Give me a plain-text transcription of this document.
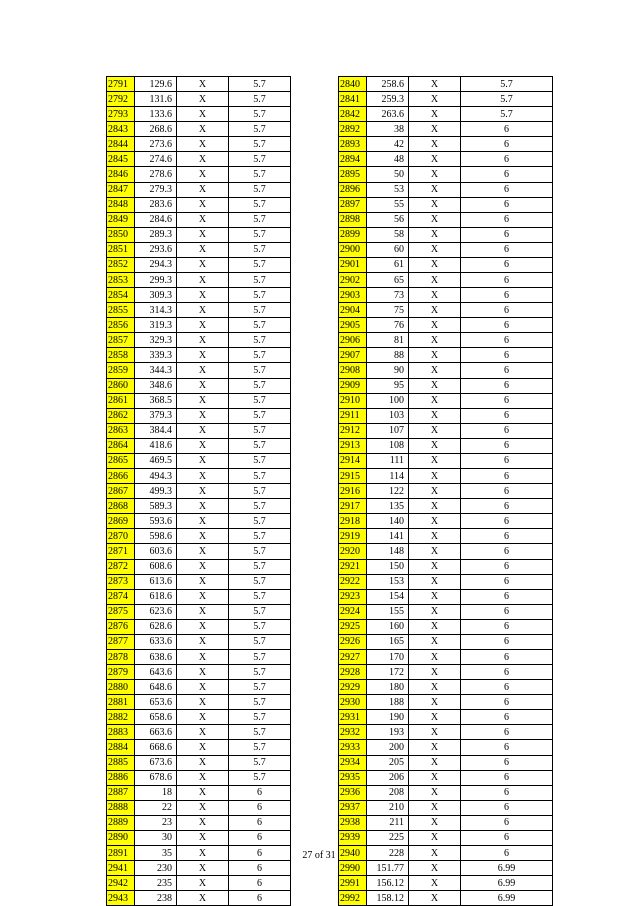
2791	129.6	X	5.7		2840	258.6	X	5.7
2792	131.6	X	5.7		2841	259.3	X	5.7
2793	133.6	X	5.7		2842	263.6	X	5.7
2843	268.6	X	5.7		2892	38	X	6
2844	273.6	X	5.7		2893	42	X	6
2845	274.6	X	5.7		2894	48	X	6
2846	278.6	X	5.7		2895	50	X	6
2847	279.3	X	5.7		2896	53	X	6
2848	283.6	X	5.7		2897	55	X	6
2849	284.6	X	5.7		2898	56	X	6
2850	289.3	X	5.7		2899	58	X	6
2851	293.6	X	5.7		2900	60	X	6
2852	294.3	X	5.7		2901	61	X	6
2853	299.3	X	5.7		2902	65	X	6
2854	309.3	X	5.7		2903	73	X	6
2855	314.3	X	5.7		2904	75	X	6
2856	319.3	X	5.7		2905	76	X	6
2857	329.3	X	5.7		2906	81	X	6
2858	339.3	X	5.7		2907	88	X	6
2859	344.3	X	5.7		2908	90	X	6
2860	348.6	X	5.7		2909	95	X	6
2861	368.5	X	5.7		2910	100	X	6
2862	379.3	X	5.7		2911	103	X	6
2863	384.4	X	5.7		2912	107	X	6
2864	418.6	X	5.7		2913	108	X	6
2865	469.5	X	5.7		2914	111	X	6
2866	494.3	X	5.7		2915	114	X	6
2867	499.3	X	5.7		2916	122	X	6
2868	589.3	X	5.7		2917	135	X	6
2869	593.6	X	5.7		2918	140	X	6
2870	598.6	X	5.7		2919	141	X	6
2871	603.6	X	5.7		2920	148	X	6
2872	608.6	X	5.7		2921	150	X	6
2873	613.6	X	5.7		2922	153	X	6
2874	618.6	X	5.7		2923	154	X	6
2875	623.6	X	5.7		2924	155	X	6
2876	628.6	X	5.7		2925	160	X	6
2877	633.6	X	5.7		2926	165	X	6
2878	638.6	X	5.7		2927	170	X	6
2879	643.6	X	5.7		2928	172	X	6
2880	648.6	X	5.7		2929	180	X	6
2881	653.6	X	5.7		2930	188	X	6
2882	658.6	X	5.7		2931	190	X	6
2883	663.6	X	5.7		2932	193	X	6
2884	668.6	X	5.7		2933	200	X	6
2885	673.6	X	5.7		2934	205	X	6
2886	678.6	X	5.7		2935	206	X	6
2887	18	X	6		2936	208	X	6
2888	22	X	6		2937	210	X	6
2889	23	X	6		2938	211	X	6
2890	30	X	6		2939	225	X	6
2891	35	X	6		2940	228	X	6
2941	230	X	6		2990	151.77	X	6.99
2942	235	X	6		2991	156.12	X	6.99
2943	238	X	6		2992	158.12	X	6.99
27 of 31
